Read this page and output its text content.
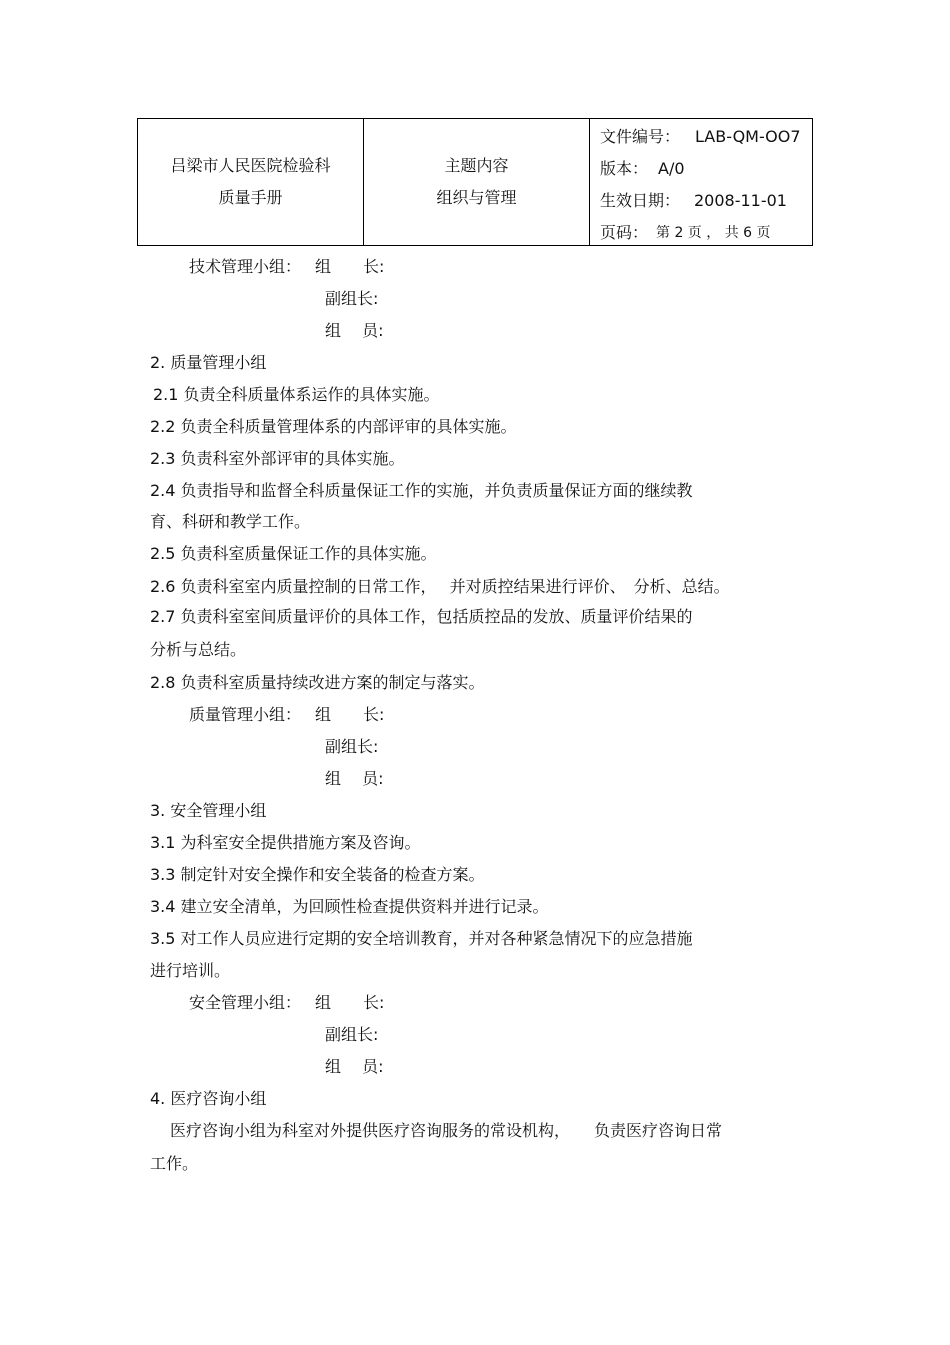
吕梁市人民医院检验科
质量手册
主题内容
组织与管理
文件编号： LAB-QM-OO7
版本： A/0
生效日期： 2008-11-01
页码： 第 2 页 ， 共 6 页
技术管理小组： 组　　长:
副组长:
组　 员:
2. 质量管理小组
2.1 负责全科质量体系运作的具体实施。
2.2 负责全科质量管理体系的内部评审的具体实施。
2.3 负责科室外部评审的具体实施。
2.4 负责指导和监督全科质量保证工作的实施，并负责质量保证方面的继续教
育、科研和教学工作。
2.5 负责科室质量保证工作的具体实施。
2.6 负责科室室内质量控制的日常工作，　 并对质控结果进行评价、　分析、总结。
2.7 负责科室室间质量评价的具体工作，包括质控品的发放、质量评价结果的
分析与总结。
2.8 负责科室质量持续改进方案的制定与落实。
质量管理小组： 组　　长:
副组长:
组　 员:
3. 安全管理小组
3.1 为科室安全提供措施方案及咨询。
3.3 制定针对安全操作和安全装备的检查方案。
3.4 建立安全清单，为回顾性检查提供资料并进行记录。
3.5 对工作人员应进行定期的安全培训教育，并对各种紧急情况下的应急措施
进行培训。
安全管理小组： 组　　长:
副组长:
组　 员:
4. 医疗咨询小组
医疗咨询小组为科室对外提供医疗咨询服务的常设机构，　　负责医疗咨询日常
工作。
